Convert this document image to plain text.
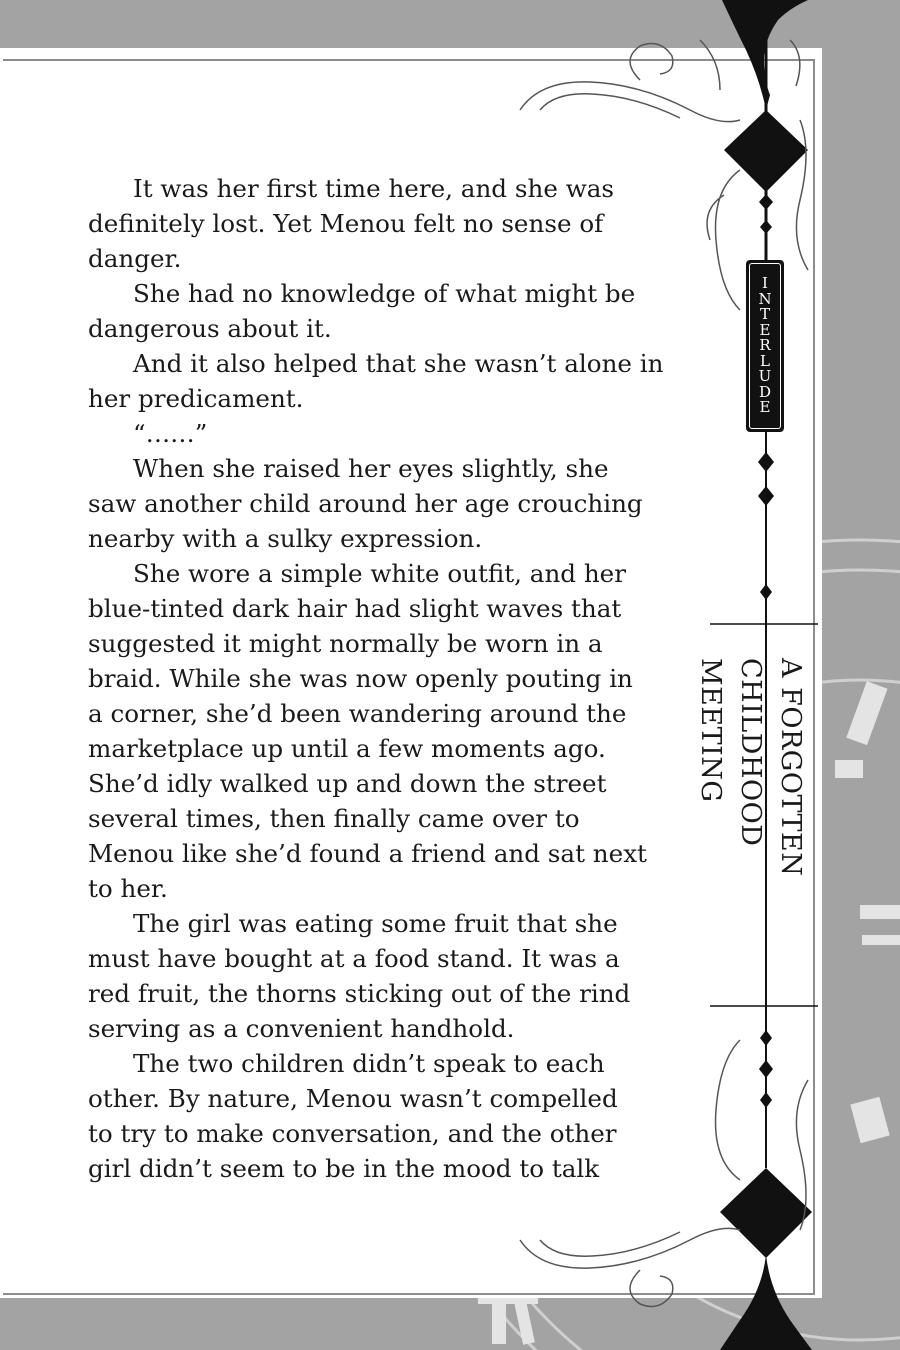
INTERLUDE
A FORGOTTEN
CHILDHOOD MEETING

It was her first time here, and she was

definitely lost. Yet Menou felt no sense of

danger.

She had no knowledge of what might be

dangerous about it.

And it also helped that she wasn’t alone in

her predicament.

“……”

When she raised her eyes slightly, she

saw another child around her age crouching

nearby with a sulky expression.

She wore a simple white outfit, and her

blue-tinted dark hair had slight waves that

suggested it might normally be worn in a

braid. While she was now openly pouting in

a corner, she’d been wandering around the

marketplace up until a few moments ago.

She’d idly walked up and down the street

several times, then finally came over to

Menou like she’d found a friend and sat next

to her.

The girl was eating some fruit that she

must have bought at a food stand. It was a

red fruit, the thorns sticking out of the rind

serving as a convenient handhold.

The two children didn’t speak to each

other. By nature, Menou wasn’t compelled

to try to make conversation, and the other

girl didn’t seem to be in the mood to talk
